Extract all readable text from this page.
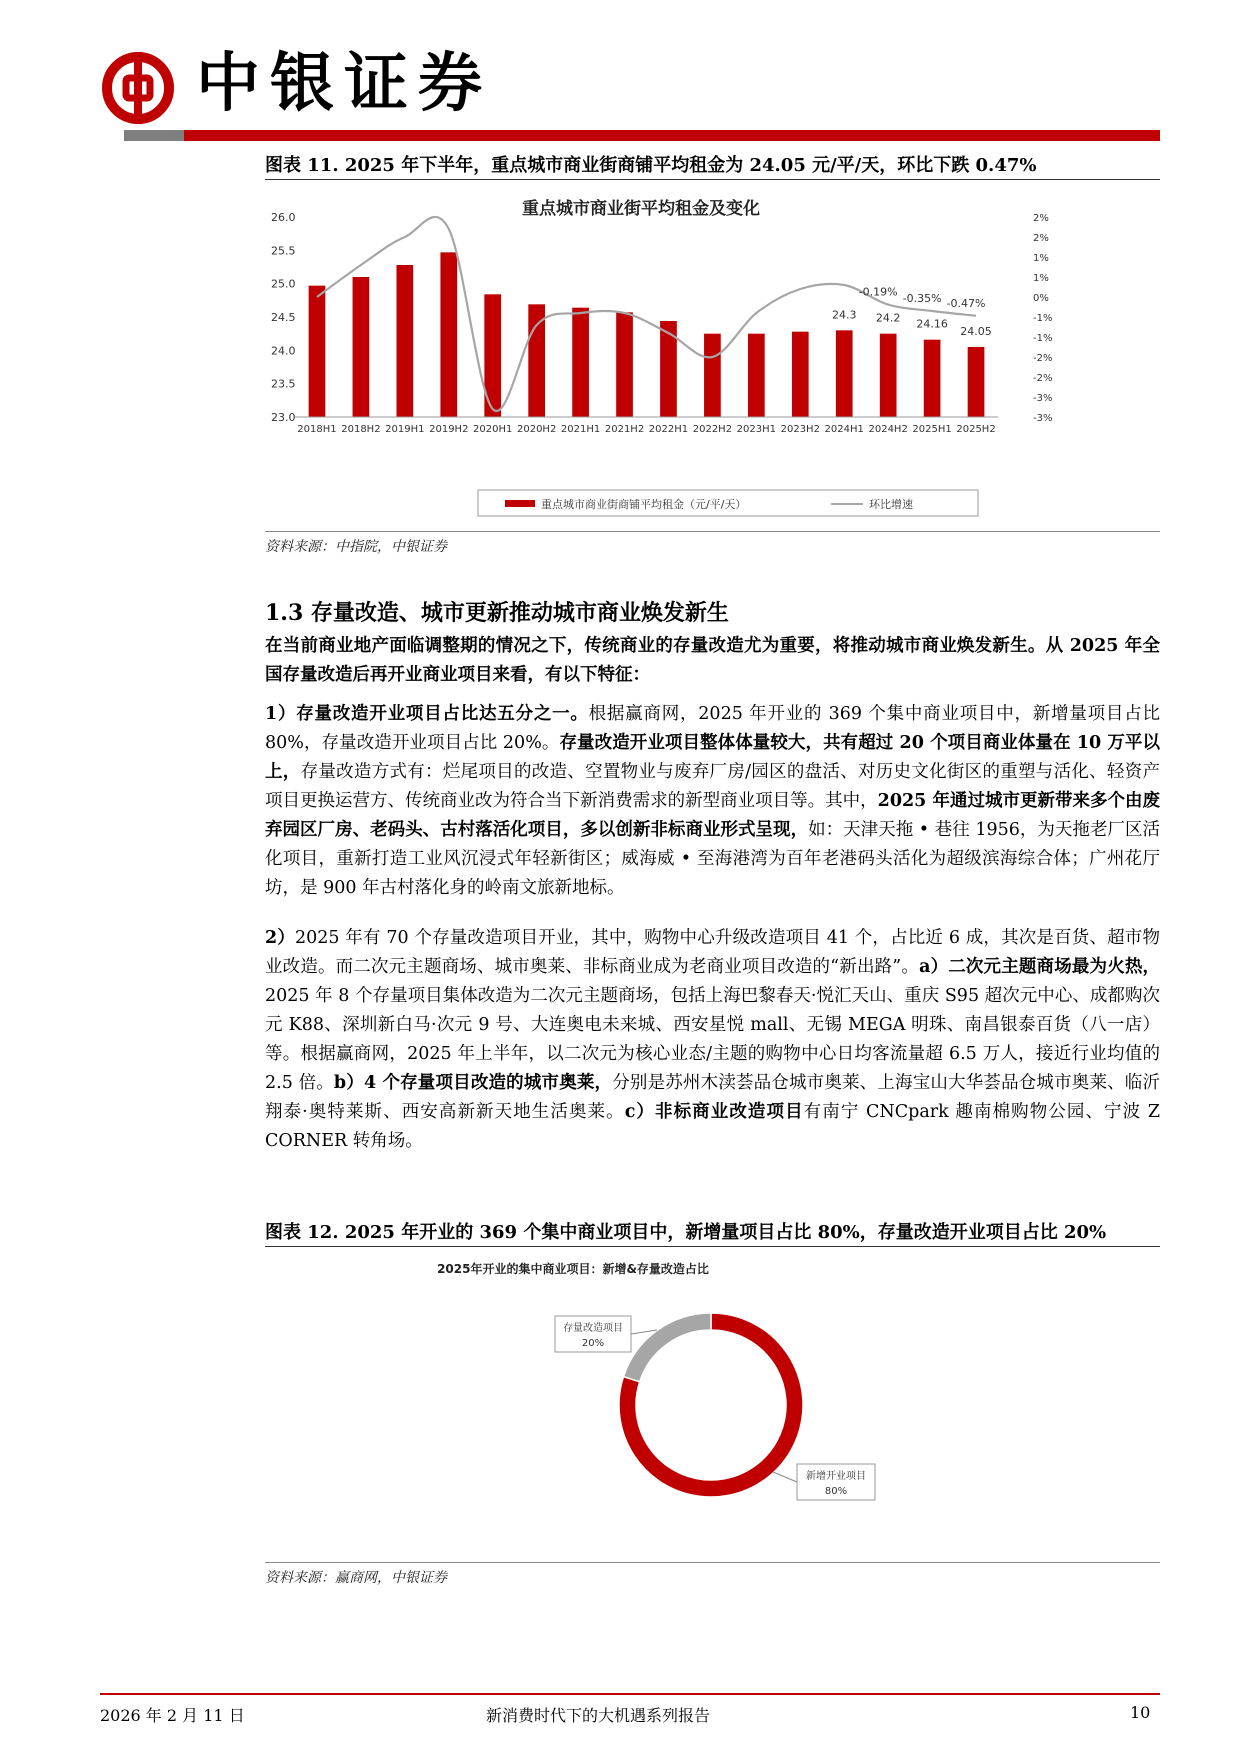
中银证券
图表 11. 2025 年下半年，重点城市商业街商铺平均租金为 24.05 元/平/天，环比下跌 0.47%
重点城市商业街平均租金及变化
23.0
23.5
24.0
24.5
25.0
25.5
26.0
-3%
-3%
-2%
-2%
-1%
-1%
0%
1%
1%
2%
2%
2018H1 2018H2 2019H1 2019H2 2020H1 2020H2 2021H1 2021H2 2022H1 2022H2 2023H1 2023H2 2024H1 2024H2 2025H1 2025H2
24.3 24.2 24.16
24.05
-0.19% -0.35% -0.47%
重点城市商业街商铺平均租金（元/平/天）	环比增速
资料来源：中指院，中银证券
1.3 存量改造、城市更新推动城市商业焕发新生
在当前商业地产面临调整期的情况之下，传统商业的存量改造尤为重要，将推动城市商业焕发新生。从 2025 年全国存量改造后再开业商业项目来看，有以下特征：
1）存量改造开业项目占比达五分之一。根据赢商网，2025 年开业的 369 个集中商业项目中，新增量项目占比 80%，存量改造开业项目占比 20%。存量改造开业项目整体体量较大，共有超过 20 个项目商业体量在 10 万平以上，存量改造方式有：烂尾项目的改造、空置物业与废弃厂房/园区的盘活、对历史文化街区的重塑与活化、轻资产项目更换运营方、传统商业改为符合当下新消费需求的新型商业项目等。其中，2025 年通过城市更新带来多个由废弃园区厂房、老码头、古村落活化项目，多以创新非标商业形式呈现，如：天津天拖 • 巷往 1956，为天拖老厂区活化项目，重新打造工业风沉浸式年轻新街区；威海威 • 至海港湾为百年老港码头活化为超级滨海综合体；广州花厅坊，是 900 年古村落化身的岭南文旅新地标。
2）2025 年有 70 个存量改造项目开业，其中，购物中心升级改造项目 41 个，占比近 6 成，其次是百货、超市物业改造。而二次元主题商场、城市奥莱、非标商业成为老商业项目改造的“新出路”。a）二次元主题商场最为火热，2025 年 8 个存量项目集体改造为二次元主题商场，包括上海巴黎春天·悦汇天山、重庆 S95 超次元中心、成都购次元 K88、深圳新白马·次元 9 号、大连奥电未来城、西安星悦 mall、无锡 MEGA 明珠、南昌银泰百货（八一店）等。根据赢商网，2025 年上半年，以二次元为核心业态/主题的购物中心日均客流量超 6.5 万人，接近行业均值的 2.5 倍。b）4 个存量项目改造的城市奥莱，分别是苏州木渎荟品仓城市奥莱、上海宝山大华荟品仓城市奥莱、临沂翔泰·奥特莱斯、西安高新新天地生活奥莱。c）非标商业改造项目有南宁 CNCpark 趣南棉购物公园、宁波 Z CORNER 转角场。
图表 12. 2025 年开业的 369 个集中商业项目中，新增量项目占比 80%，存量改造开业项目占比 20%
2025年开业的集中商业项目：新增&存量改造占比
存量改造项目
20%
新增开业项目
80%
资料来源：赢商网，中银证券
2026 年 2 月 11 日	新消费时代下的大机遇系列报告	10
